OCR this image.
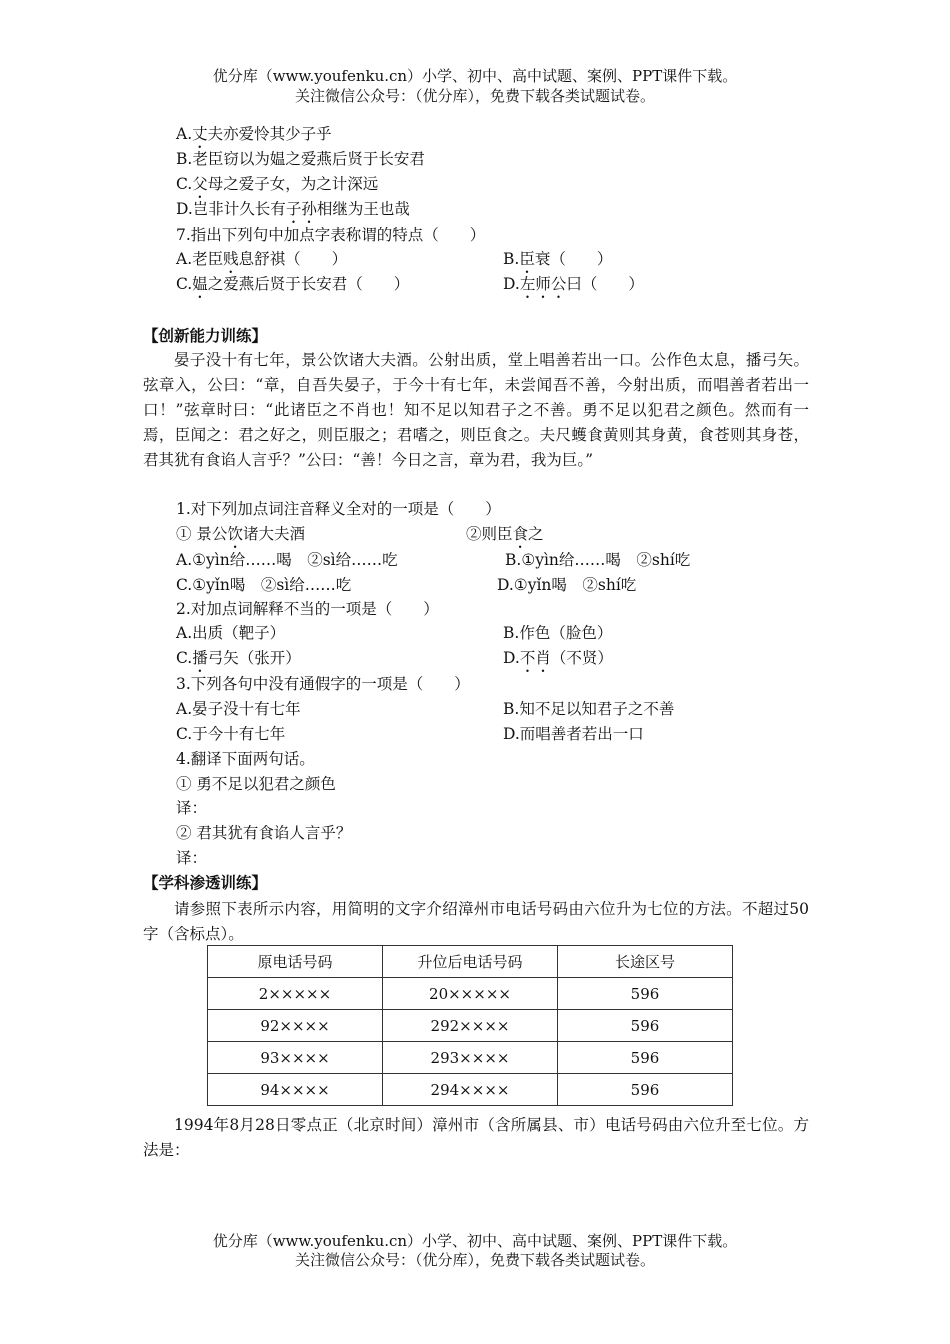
优分库（www.youfenku.cn）小学、初中、高中试题、案例、PPT课件下载。
关注微信公众号：（优分库），免费下载各类试题试卷。
A.丈夫亦爱怜其少子乎
B.老臣窃以为媪之爱燕后贤于长安君
C.父母之爱子女，为之计深远
D.岂非计久长有子孙相继为王也哉
7.指出下列句中加点字表称谓的特点（　　）
A.老臣贱息舒祺（　　）	B.臣衰（　　）
C.媪之爱燕后贤于长安君（　　）	D.左师公曰（　　）
【创新能力训练】
晏子没十有七年，景公饮诸大夫酒。公射出质，堂上唱善若出一口。公作色太息，播弓矢。弦章入，公曰：“章，自吾失晏子，于今十有七年，未尝闻吾不善，今射出质，而唱善者若出一口！”弦章时曰：“此诸臣之不肖也！知不足以知君子之不善。勇不足以犯君之颜色。然而有一焉，臣闻之：君之好之，则臣服之；君嗜之，则臣食之。夫尺蠖食黄则其身黄，食苍则其身苍，君其犹有食谄人言乎？”公曰：“善！今日之言，章为君，我为巨。”
1.对下列加点词注音释义全对的一项是（　　）
① 景公饮诸大夫酒	②则臣食之
A.①yìn给……喝　②sì给……吃	B.①yìn给……喝　②shí吃
C.①yǐn喝　②sì给……吃	D.①yǐn喝　②shí吃
2.对加点词解释不当的一项是（　　）
A.出质（靶子）	B.作色（脸色）
C.播弓矢（张开）	D.不肖（不贤）
3.下列各句中没有通假字的一项是（　　）
A.晏子没十有七年	B.知不足以知君子之不善
C.于今十有七年	D.而唱善者若出一口
4.翻译下面两句话。
① 勇不足以犯君之颜色
译：
② 君其犹有食谄人言乎？
译：
【学科渗透训练】
请参照下表所示内容，用简明的文字介绍漳州市电话号码由六位升为七位的方法。不超过50字（含标点）。
原电话号码	升位后电话号码	长途区号
2×××××	20×××××	596
92××××	292××××	596
93××××	293××××	596
94××××	294××××	596
1994年8月28日零点正（北京时间）漳州市（含所属县、市）电话号码由六位升至七位。方法是：
优分库（www.youfenku.cn）小学、初中、高中试题、案例、PPT课件下载。
关注微信公众号：（优分库），免费下载各类试题试卷。
